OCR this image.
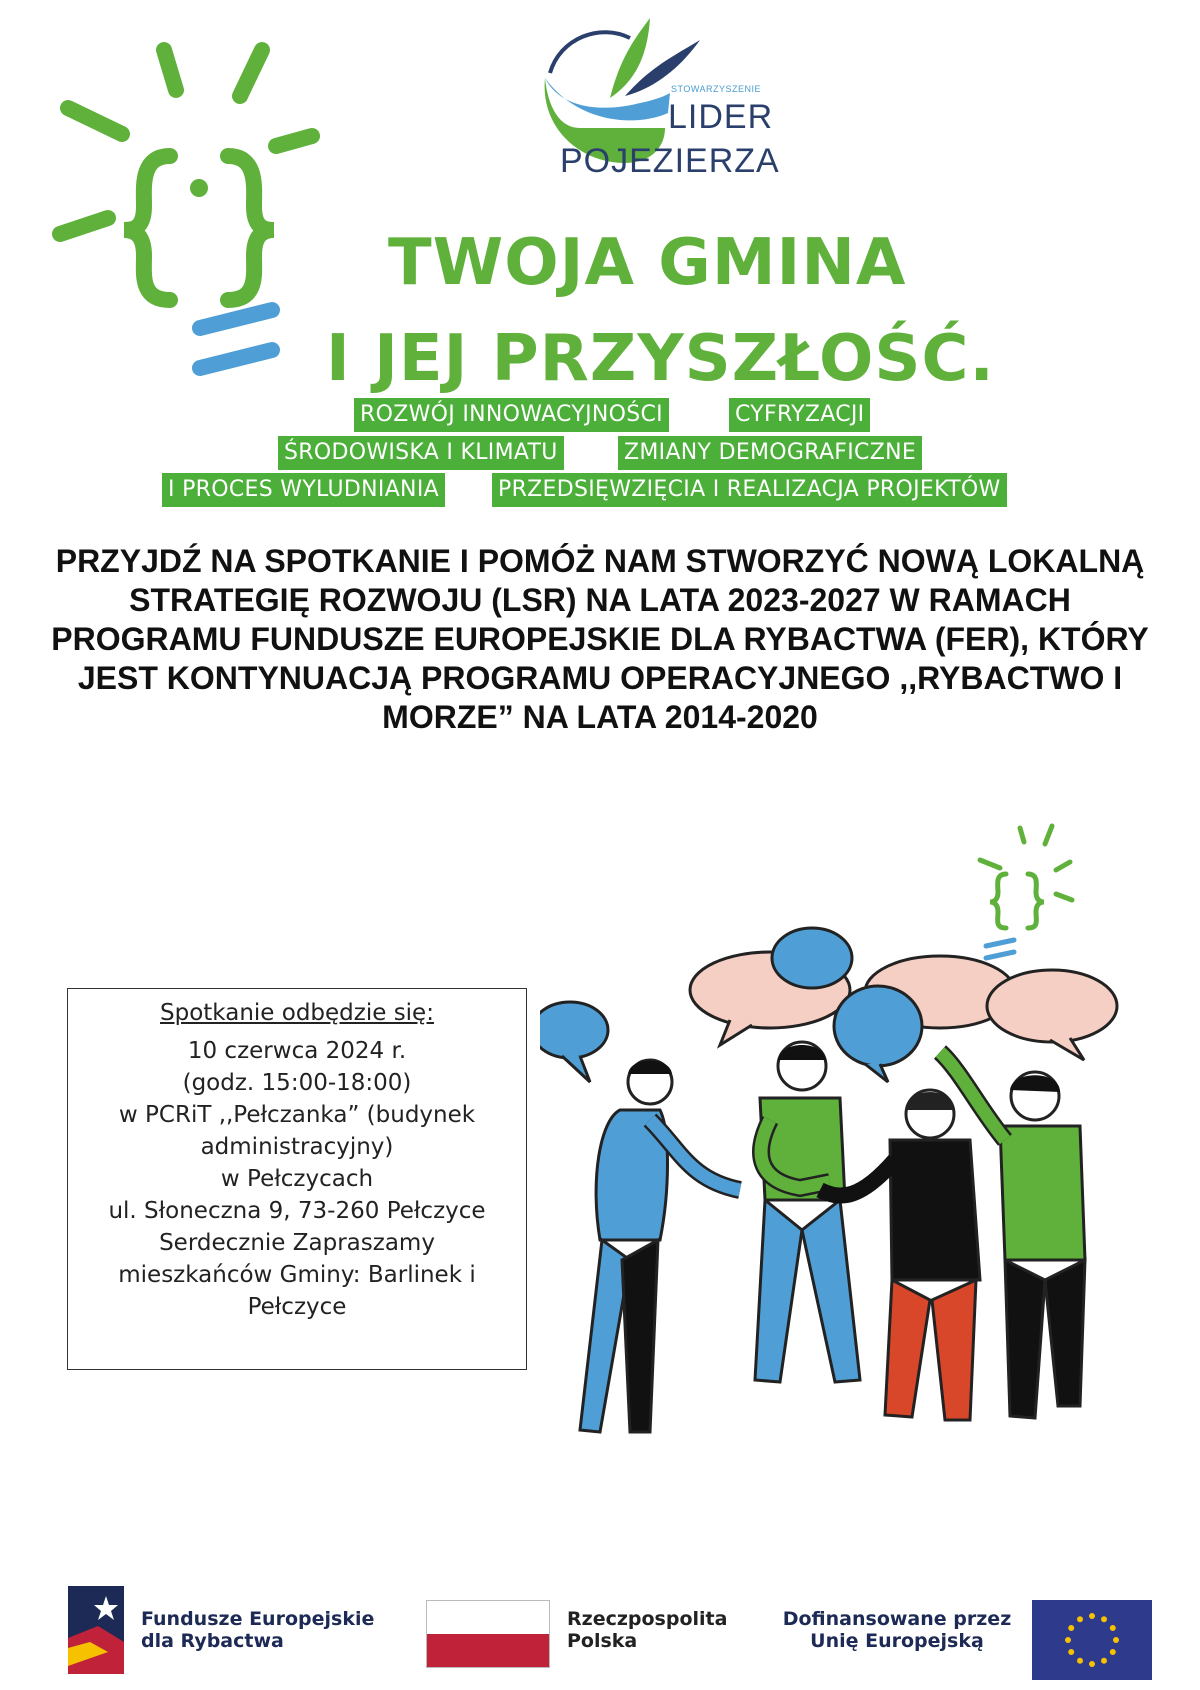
STOWARZYSZENIE
LIDER
POJEZIERZA
TWOJA GMINA
I JEJ PRZYSZŁOŚĆ.
ROZWÓJ INNOWACYJNOŚCI	CYFRYZACJI
ŚRODOWISKA I KLIMATU	ZMIANY DEMOGRAFICZNE
I PROCES WYLUDNIANIA	PRZEDSIĘWZIĘCIA I REALIZACJA PROJEKTÓW
PRZYJDŹ NA SPOTKANIE I POMÓŻ NAM STWORZYĆ NOWĄ LOKALNĄ STRATEGIĘ ROZWOJU (LSR) NA LATA 2023-2027 W RAMACH PROGRAMU FUNDUSZE EUROPEJSKIE DLA RYBACTWA (FER), KTÓRY JEST KONTYNUACJĄ PROGRAMU OPERACYJNEGO ,,RYBACTWO I MORZE” NA LATA 2014-2020
Spotkanie odbędzie się:
10 czerwca 2024 r.
(godz. 15:00-18:00)
w PCRiT ,,Pełczanka” (budynek
administracyjny)
w Pełczycach
ul. Słoneczna 9, 73-260 Pełczyce
Serdecznie Zapraszamy
mieszkańców Gminy: Barlinek i
Pełczyce
Fundusze Europejskie
dla Rybactwa
Rzeczpospolita
Polska
Dofinansowane przez
Unię Europejską
